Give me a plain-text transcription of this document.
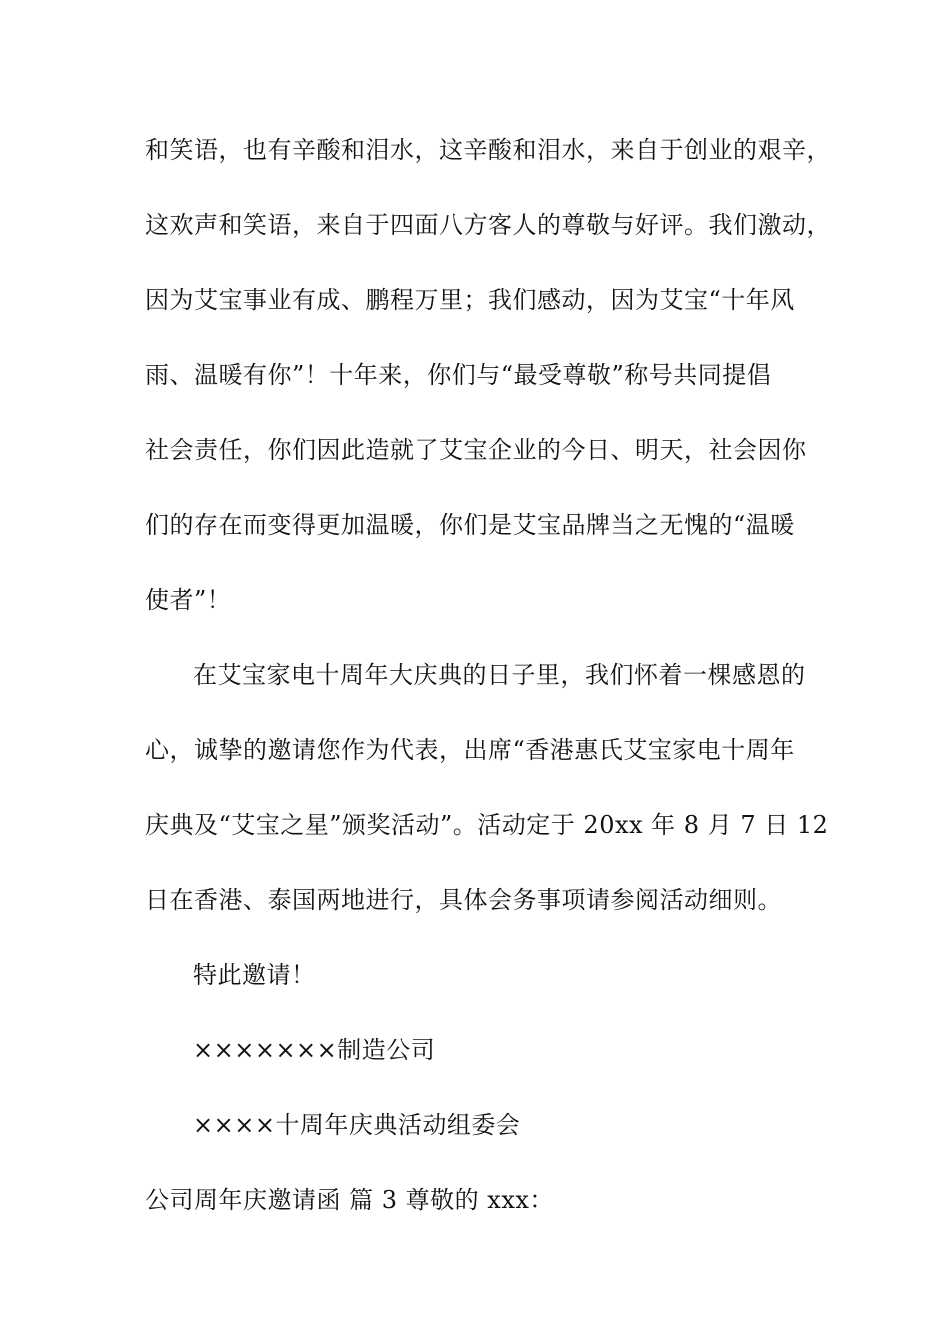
和笑语，也有辛酸和泪水，这辛酸和泪水，来自于创业的艰辛，
这欢声和笑语，来自于四面八方客人的尊敬与好评。我们激动，
因为艾宝事业有成、鹏程万里；我们感动，因为艾宝“十年风
雨、温暖有你”！十年来，你们与“最受尊敬”称号共同提倡
社会责任，你们因此造就了艾宝企业的今日、明天，社会因你
们的存在而变得更加温暖，你们是艾宝品牌当之无愧的“温暖
使者”！
在艾宝家电十周年大庆典的日子里，我们怀着一棵感恩的
心，诚挚的邀请您作为代表，出席“香港惠氏艾宝家电十周年
庆典及“艾宝之星”颁奖活动”。活动定于 20xx 年 8 月 7 日 12
日在香港、泰国两地进行，具体会务事项请参阅活动细则。
特此邀请！
×××××××制造公司
××××十周年庆典活动组委会
公司周年庆邀请函 篇 3 尊敬的 xxx：
